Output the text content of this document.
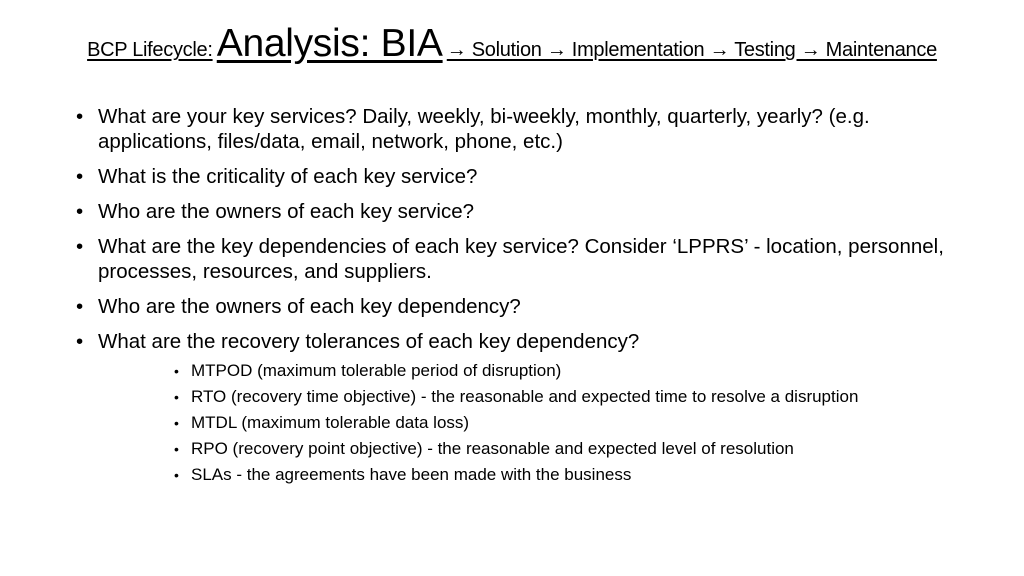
BCP Lifecycle: Analysis: BIA → Solution → Implementation → Testing → Maintenance
• What are your key services? Daily, weekly, bi-weekly, monthly, quarterly, yearly? (e.g. applications, files/data, email, network, phone, etc.)
• What is the criticality of each key service?
• Who are the owners of each key service?
• What are the key dependencies of each key service? Consider ‘LPPRS’ - location, personnel, processes, resources, and suppliers.
• Who are the owners of each key dependency?
• What are the recovery tolerances of each key dependency?
• MTPOD (maximum tolerable period of disruption)
• RTO (recovery time objective) - the reasonable and expected time to resolve a disruption
• MTDL (maximum tolerable data loss)
• RPO (recovery point objective) - the reasonable and expected level of resolution
• SLAs - the agreements have been made with the business
